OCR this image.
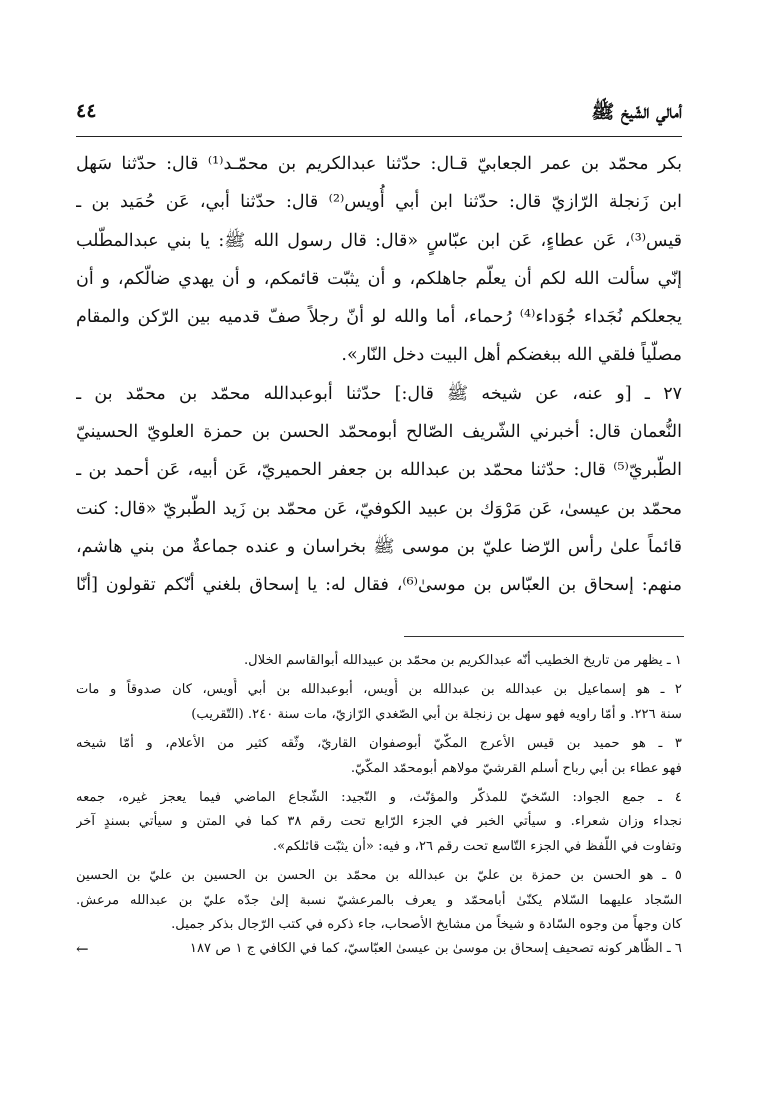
أمالي الشّيخ ﷺ
٤٤
بكر محمّد بن عمر الجعابيّ قـال: حدّثنا عبدالكريم بن محمّـد⁽¹⁾ قال: حدّثنا سَهل
ابن زَنجلة الرّازيّ قال: حدّثنا ابن أبي أُويس⁽²⁾ قال: حدّثنا أبي، عَن حُمَيد بن ـ
قيس⁽³⁾، عَن عطاءٍ، عَن ابن عبّاسٍ «قال: قال رسول الله ﷺ: يا بني عبدالمطّلب
إنّي سألت الله لكم أن يعلّم جاهلكم، و أن يثبّت قائمكم، و أن يهدي ضالّكم، و أن
يجعلكم نُجَداء جُوَداء⁽⁴⁾ رُحماء، أما والله لو أنّ رجلاً صفّ قدميه بين الرّكن والمقام
مصلّياً فلقي الله ببغضكم أهل البيت دخل النّار».
٢٧ ـ [و عنه، عن شيخه ﷺ قال:] حدّثنا أبوعبدالله محمّد بن محمّد بن ـ
النُّعمان قال: أخبرني الشّريف الصّالح أبومحمّد الحسن بن حمزة العلويّ الحسينيّ
الطّبريّ⁽⁵⁾ قال: حدّثنا محمّد بن عبدالله بن جعفر الحميريّ، عَن أبيه، عَن أحمد بن ـ
محمّد بن عيسىٰ، عَن مَرْوَك بن عبيد الكوفيّ، عَن محمّد بن زَيد الطّبريّ «قال: كنت
قائماً علىٰ رأس الرّضا عليّ بن موسى ﷺ بخراسان و عنده جماعةٌ من بني هاشم،
منهم: إسحاق بن العبّاس بن موسىٰ⁽⁶⁾، فقال له: يا إسحاق بلغني أنّكم تقولون [أنّا
١ ـ يظهر من تاريخ الخطيب أنّه عبدالكريم بن محمّد بن عبيدالله أبوالقاسم الخلال.
٢ ـ هو إسماعيل بن عبدالله بن عبدالله بن أُويس، أبوعبدالله بن أبي أُويس، كان صدوقاً و مات
سنة ٢٢٦. و أمّا راويه فهو سهل بن زنجلة بن أبي الصّغدي الرّازيّ، مات سنة ٢٤٠. (التّقريب)
٣ ـ هو حميد بن قيس الأعرج المكّيّ أبوصفوان القاريّ، وثّقه كثير من الأعلام، و أمّا شيخه
فهو عطاء بن أبي رباح أسلم القرشيّ مولاهم أبومحمّد المكّيّ.
٤ ـ جمع الجواد: السّخيّ للمذكّر والمؤنّث، و النّجيد: الشّجاع الماضي فيما يعجز غيره، جمعه
نجداء وزان شعراء. و سيأتي الخبر في الجزء الرّابع تحت رقم ٣٨ كما في المتن و سيأتي بسندٍ آخر
وتفاوت في اللّفظ في الجزء التّاسع تحت رقم ٢٦، و فيه: «أن يثبّت قائلكم».
٥ ـ هو الحسن بن حمزة بن عليّ بن عبدالله بن محمّد بن الحسن بن الحسين بن عليّ بن الحسين
السّجاد عليهما السّلام يكنّىٰ أبامحمّد و يعرف بالمرعشيّ نسبة إلىٰ جدّه عليّ بن عبدالله مرعش.
كان وجهاً من وجوه السّادة و شيخاً من مشايخ الأصحاب، جاء ذكره في كتب الرّجال بذكر جميل.
٦ ـ الظّاهر كونه تصحيف إسحاق بن موسىٰ بن عيسىٰ العبّاسيّ، كما في الكافي ج ١ ص ١٨٧
←
